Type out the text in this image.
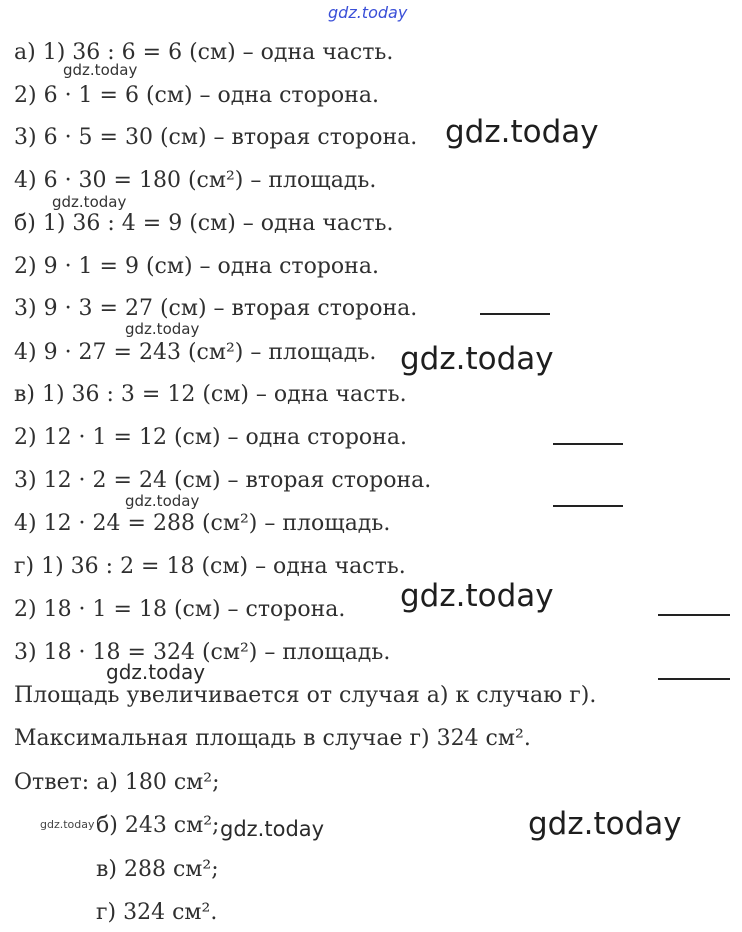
gdz.today
а) 1) 36 : 6 = 6 (см) – одна часть.
2) 6 · 1 = 6 (см) – одна сторона.
3) 6 · 5 = 30 (см) – вторая сторона.
4) 6 · 30 = 180 (см²) – площадь.
б) 1) 36 : 4 = 9 (см) – одна часть.
2) 9 · 1 = 9 (см) – одна сторона.
3) 9 · 3 = 27 (см) – вторая сторона.
4) 9 · 27 = 243 (см²) – площадь.
в) 1) 36 : 3 = 12 (см) – одна часть.
2) 12 · 1 = 12 (см) – одна сторона.
3) 12 · 2 = 24 (см) – вторая сторона.
4) 12 · 24 = 288 (см²) – площадь.
г) 1) 36 : 2 = 18 (см) – одна часть.
2) 18 · 1 = 18 (см) – сторона.
3) 18 · 18 = 324 (см²) – площадь.
Площадь увеличивается от случая а) к случаю г).
Максимальная площадь в случае г) 324 см².
Ответ: а) 180 см²;
б) 243 см²;
в) 288 см²;
г) 324 см².
gdz.today
gdz.today
gdz.today
gdz.today
gdz.today
gdz.today
gdz.today
gdz.today
gdz.today	gdz.today	gdz.today
